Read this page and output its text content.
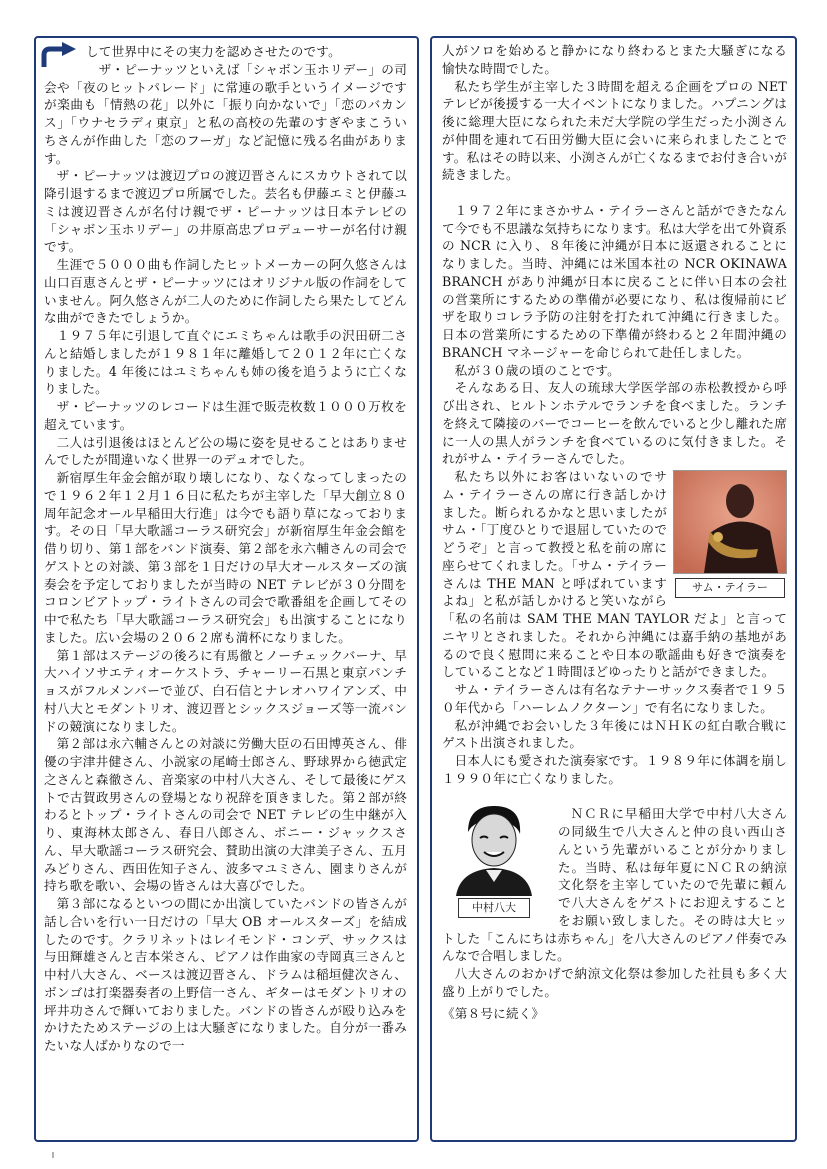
して世界中にその実力を認めさせたのです。

ザ・ピーナッツといえば「シャボン玉ホリデー」の司会や「夜のヒットパレード」に常連の歌手というイメージですが楽曲も「情熱の花」以外に「振り向かないで」「恋のバカンス」「ウナセラディ東京」と私の高校の先輩のすぎやまこういちさんが作曲した「恋のフーガ」など記憶に残る名曲があります。

ザ・ピーナッツは渡辺プロの渡辺晋さんにスカウトされて以降引退するまで渡辺プロ所属でした。芸名も伊藤エミと伊藤ユミは渡辺晋さんが名付け親でザ・ピーナッツは日本テレビの「シャボン玉ホリデー」の井原高忠プロデューサーが名付け親です。

生涯で５０００曲も作詞したヒットメーカーの阿久悠さんは山口百恵さんとザ・ピーナッツにはオリジナル版の作詞をしていません。阿久悠さんが二人のために作詞したら果たしてどんな曲ができたでしょうか。

１９７５年に引退して直ぐにエミちゃんは歌手の沢田研二さんと結婚しましたが１９８１年に離婚して２０１２年に亡くなりました。4 年後にはユミちゃんも姉の後を追うように亡くなりました。

ザ・ピーナッツのレコードは生涯で販売枚数１０００万枚を超えています。

二人は引退後はほとんど公の場に姿を見せることはありませんでしたが間違いなく世界一のデュオでした。

新宿厚生年金会館が取り壊しになり、なくなってしまったので１９６２年１２月１６日に私たちが主宰した「早大創立８０周年記念オール早稲田大行進」は今でも語り草になっております。その日「早大歌謡コーラス研究会」が新宿厚生年金会館を借り切り、第１部をバンド演奏、第２部を永六輔さんの司会でゲストとの対談、第３部を１日だけの早大オールスターズの演奏会を予定しておりましたが当時の NET テレビが３０分間をコロンビアトップ・ライトさんの司会で歌番組を企画してその中で私たち「早大歌謡コーラス研究会」も出演することになりました。広い会場の２０６２席も満杯になりました。

第１部はステージの後ろに有馬徹とノーチェックバーナ、早大ハイソサエティオーケストラ、チャーリー石黒と東京パンチョスがフルメンバーで並び、白石信とナレオハワイアンズ、中村八大とモダントリオ、渡辺晋とシックスジョーズ等一流バンドの競演になりました。

第２部は永六輔さんとの対談に労働大臣の石田博英さん、俳優の宇津井健さん、小説家の尾崎士郎さん、野球界から徳武定之さんと森徹さん、音楽家の中村八大さん、そして最後にゲストで古賀政男さんの登場となり祝辞を頂きました。第２部が終わるとトップ・ライトさんの司会で NET テレビの生中継が入り、東海林太郎さん、春日八郎さん、ボニー・ジャックスさん、早大歌謡コーラス研究会、賛助出演の大津美子さん、五月みどりさん、西田佐知子さん、波多マユミさん、園まりさんが持ち歌を歌い、会場の皆さんは大喜びでした。

第３部になるといつの間にか出演していたバンドの皆さんが話し合いを行い一日だけの「早大 OB オールスターズ」を結成したのです。クラリネットはレイモンド・コンデ、サックスは与田輝雄さんと吉本栄さん、ピアノは作曲家の寺岡真三さんと中村八大さん、ベースは渡辺晋さん、ドラムは稲垣健次さん、ボンゴは打楽器奏者の上野信一さん、ギターはモダントリオの坪井功さんで輝いておりました。バンドの皆さんが殴り込みをかけたためステージの上は大騒ぎになりました。自分が一番みたいな人ばかりなので一

人がソロを始めると静かになり終わるとまた大騒ぎになる愉快な時間でした。

私たち学生が主宰した３時間を超える企画をプロの NET テレビが後援する一大イベントになりました。ハプニングは後に総理大臣になられた未だ大学院の学生だった小渕さんが仲間を連れて石田労働大臣に会いに来られましたことです。私はその時以来、小渕さんが亡くなるまでお付き合いが続きました。

１９７２年にまさかサム・テイラーさんと話ができたなんて今でも不思議な気持ちになります。私は大学を出て外資系の NCR に入り、８年後に沖縄が日本に返還されることになりました。当時、沖縄には米国本社の NCR OKINAWA BRANCH があり沖縄が日本に戻ることに伴い日本の会社の営業所にするための準備が必要になり、私は復帰前にビザを取りコレラ予防の注射を打たれて沖縄に行きました。日本の営業所にするための下準備が終わると２年間沖縄の BRANCH マネージャーを命じられて赴任しました。

私が３０歳の頃のことです。

そんなある日、友人の琉球大学医学部の赤松教授から呼び出され、ヒルトンホテルでランチを食べました。ランチを終えて隣接のバーでコーヒーを飲んでいると少し離れた席に一人の黒人がランチを食べているのに気付きました。それがサム・テイラーさんでした。

サム・テイラー

私たち以外にお客はいないのでサム・テイラーさんの席に行き話しかけました。断られるかなと思いましたがサム・「丁度ひとりで退屈していたのでどうぞ」と言って教授と私を前の席に座らせてくれました。「サム・テイラーさんは THE MAN と呼ばれていますよね」と私が話しかけると笑いながら「私の名前は SAM THE MAN TAYLOR だよ」と言ってニヤリとされました。それから沖縄には嘉手納の基地があるので良く慰問に来ることや日本の歌謡曲も好きで演奏をしていることなど１時間ほどゆったりと話ができました。

サム・テイラーさんは有名なテナーサックス奏者で１９５０年代から「ハーレムノクターン」で有名になりました。

私が沖縄でお会いした３年後にはＮＨＫの紅白歌合戦にゲスト出演されました。

日本人にも愛された演奏家です。１９８９年に体調を崩し１９９０年に亡くなりました。

中村八大

ＮＣＲに早稲田大学で中村八大さんの同級生で八大さんと仲の良い西山さんという先輩がいることが分かりました。当時、私は毎年夏にＮＣＲの納涼文化祭を主宰していたので先輩に頼んで八大さんをゲストにお迎えすることをお願い致しました。その時は大ヒットした「こんにちは赤ちゃん」を八大さんのピアノ伴奏でみんなで合唱しました。

八大さんのおかげで納涼文化祭は参加した社員も多く大盛り上がりでした。

《第８号に続く》
